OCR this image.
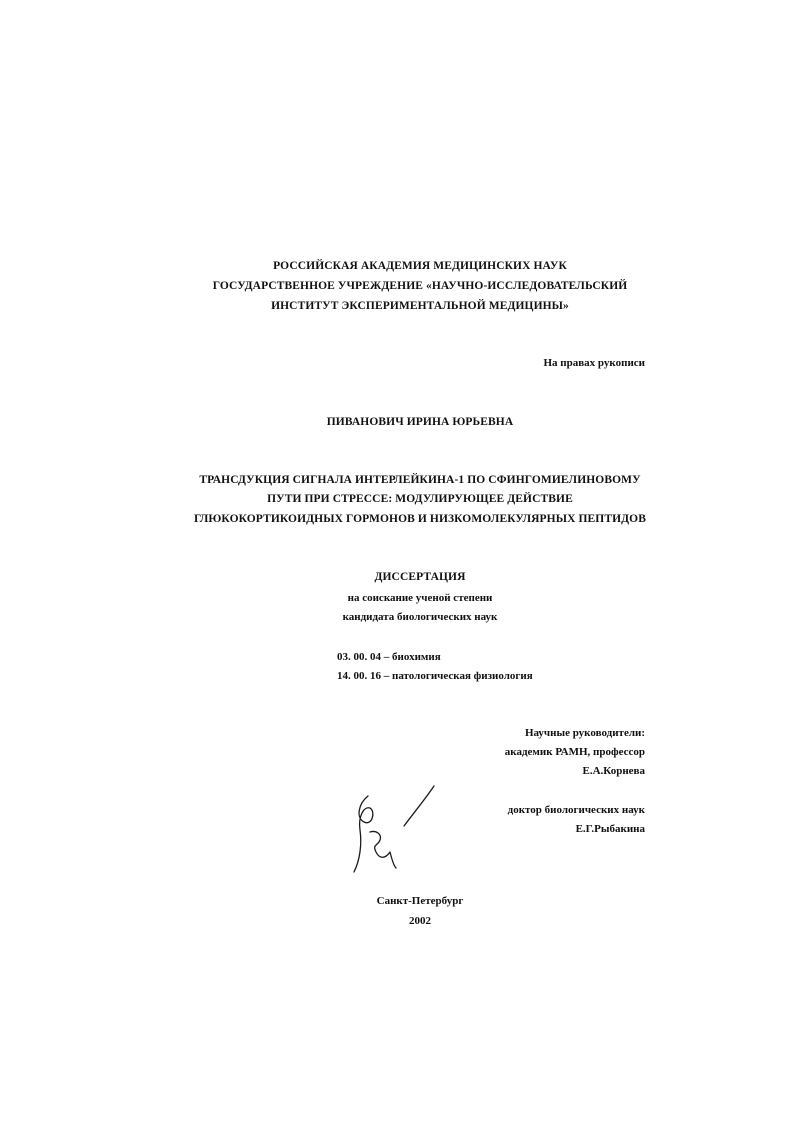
РОССИЙСКАЯ АКАДЕМИЯ МЕДИЦИНСКИХ НАУК
ГОСУДАРСТВЕННОЕ УЧРЕЖДЕНИЕ «НАУЧНО-ИССЛЕДОВАТЕЛЬСКИЙ
ИНСТИТУТ ЭКСПЕРИМЕНТАЛЬНОЙ МЕДИЦИНЫ»
На правах рукописи
ПИВАНОВИЧ ИРИНА ЮРЬЕВНА
ТРАНСДУКЦИЯ СИГНАЛА ИНТЕРЛЕЙКИНА-1 ПО СФИНГОМИЕЛИНОВОМУ
ПУТИ ПРИ СТРЕССЕ: МОДУЛИРУЮЩЕЕ ДЕЙСТВИЕ
ГЛЮКОКОРТИКОИДНЫХ ГОРМОНОВ И НИЗКОМОЛЕКУЛЯРНЫХ ПЕПТИДОВ
ДИССЕРТАЦИЯ
на соискание ученой степени
кандидата биологических наук
03. 00. 04 – биохимия
14. 00. 16 – патологическая физиология
Научные руководители:
академик РАМН, профессор
Е.А.Корнева
доктор биологических наук
Е.Г.Рыбакина
Санкт-Петербург
2002
